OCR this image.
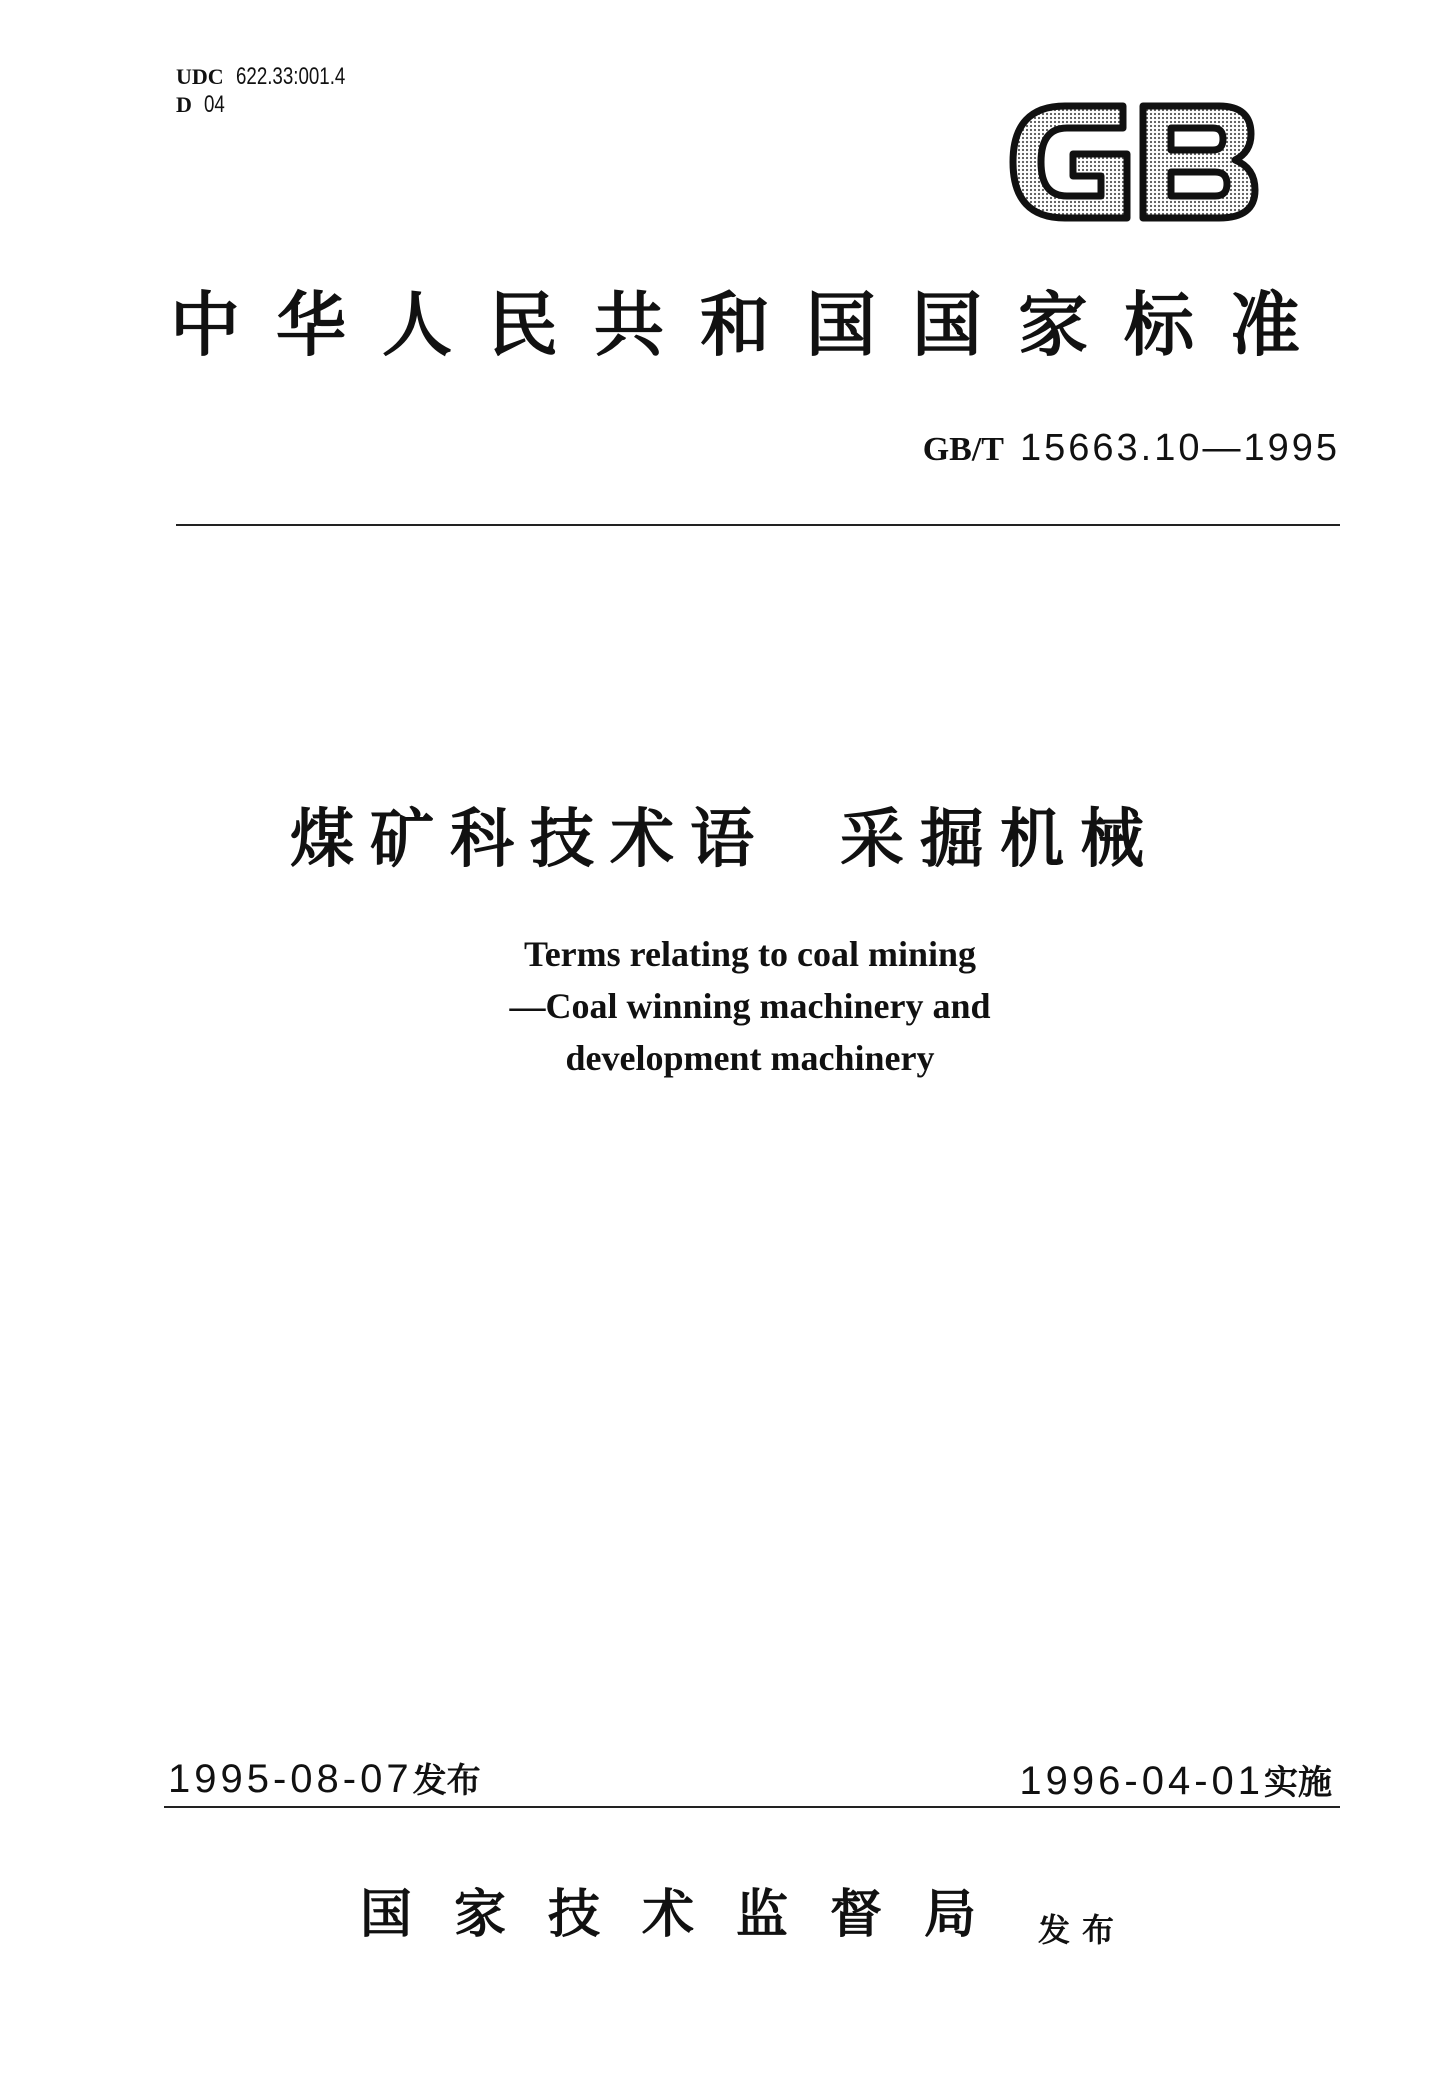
UDC 622.33:001.4
D 04
中华人民共和国国家标准
GB/T 15663.10—1995
煤矿科技术语 采掘机械
Terms relating to coal mining
—Coal winning machinery and
development machinery
1995-08-07发布	1996-04-01实施
国家技术监督局 发布
